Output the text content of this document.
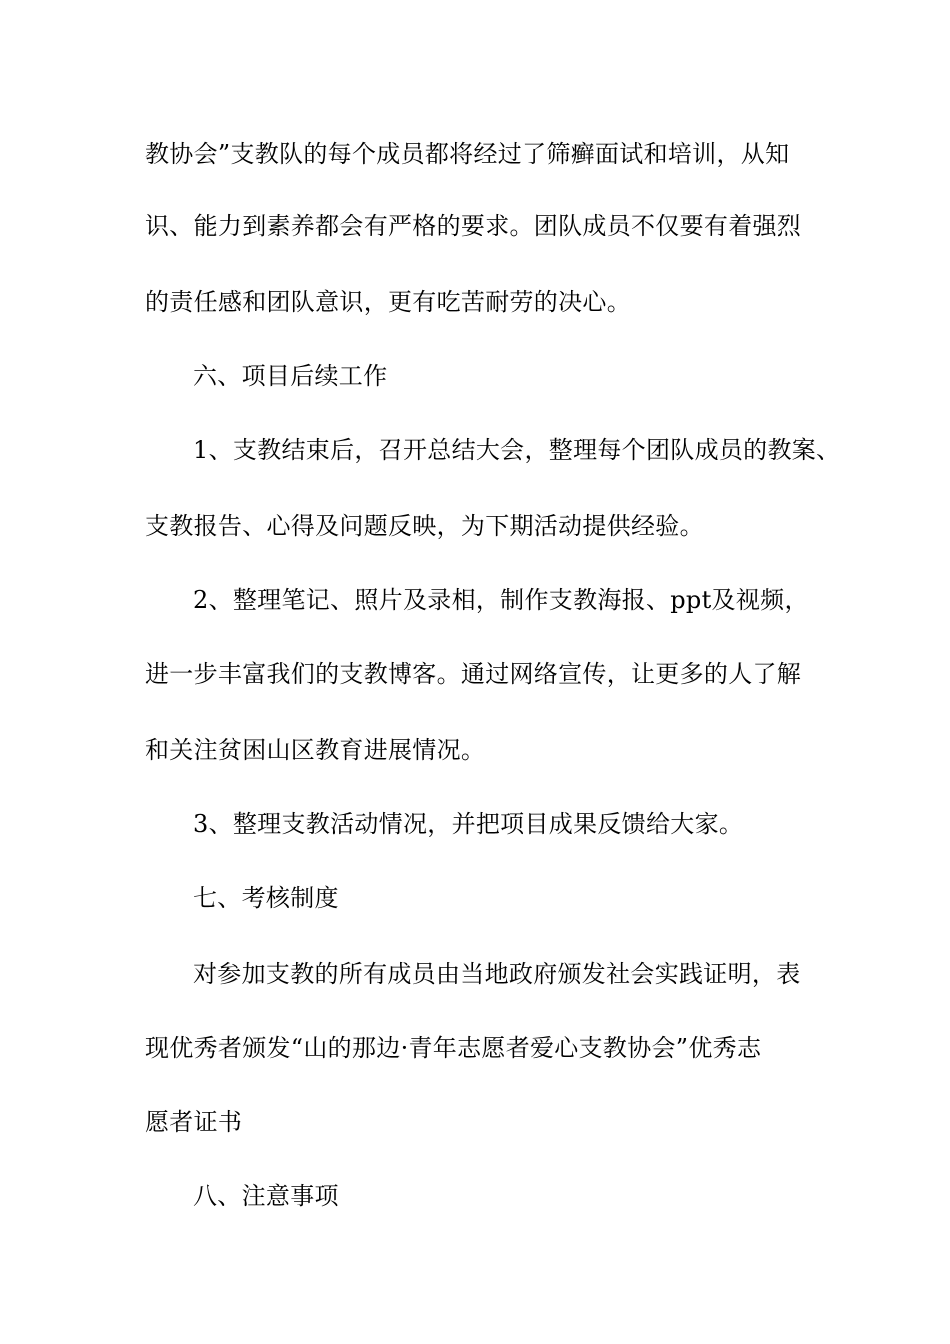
教协会”支教队的每个成员都将经过了筛癣面试和培训，从知
识、能力到素养都会有严格的要求。团队成员不仅要有着强烈
的责任感和团队意识，更有吃苦耐劳的决心。
六、项目后续工作
1、支教结束后，召开总结大会，整理每个团队成员的教案、
支教报告、心得及问题反映，为下期活动提供经验。
2、整理笔记、照片及录相，制作支教海报、ppt及视频，
进一步丰富我们的支教博客。通过网络宣传，让更多的人了解
和关注贫困山区教育进展情况。
3、整理支教活动情况，并把项目成果反馈给大家。
七、考核制度
对参加支教的所有成员由当地政府颁发社会实践证明，表
现优秀者颁发“山的那边·青年志愿者爱心支教协会”优秀志
愿者证书
八、注意事项
